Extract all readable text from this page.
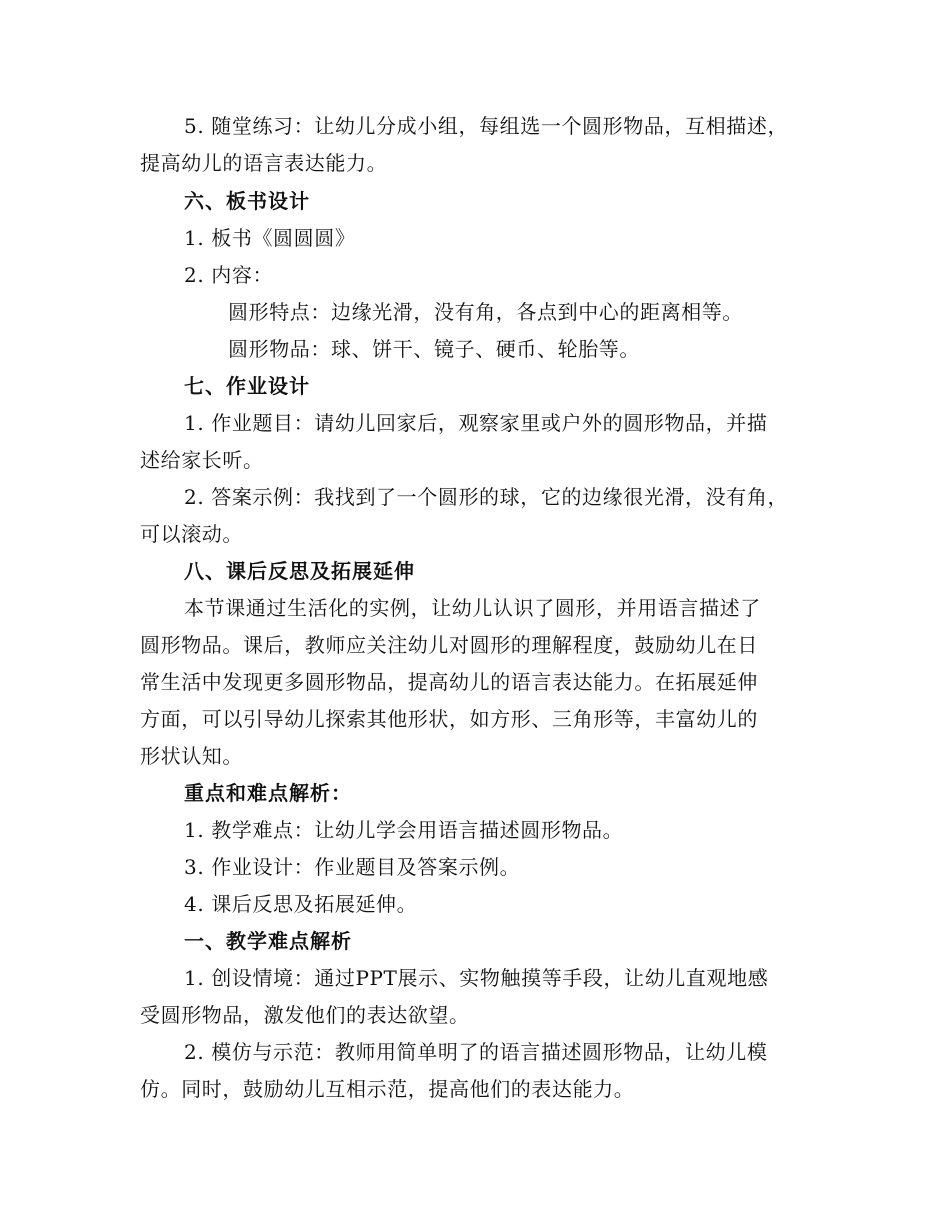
5. 随堂练习：让幼儿分成小组，每组选一个圆形物品，互相描述，
提高幼儿的语言表达能力。
六、板书设计
1. 板书《圆圆圆》
2. 内容：
圆形特点：边缘光滑，没有角，各点到中心的距离相等。
圆形物品：球、饼干、镜子、硬币、轮胎等。
七、作业设计
1. 作业题目：请幼儿回家后，观察家里或户外的圆形物品，并描
述给家长听。
2. 答案示例：我找到了一个圆形的球，它的边缘很光滑，没有角，
可以滚动。
八、课后反思及拓展延伸
本节课通过生活化的实例，让幼儿认识了圆形，并用语言描述了
圆形物品。课后，教师应关注幼儿对圆形的理解程度，鼓励幼儿在日
常生活中发现更多圆形物品，提高幼儿的语言表达能力。在拓展延伸
方面，可以引导幼儿探索其他形状，如方形、三角形等，丰富幼儿的
形状认知。
重点和难点解析：
1. 教学难点：让幼儿学会用语言描述圆形物品。
3. 作业设计：作业题目及答案示例。
4. 课后反思及拓展延伸。
一、教学难点解析
1. 创设情境：通过PPT展示、实物触摸等手段，让幼儿直观地感
受圆形物品，激发他们的表达欲望。
2. 模仿与示范：教师用简单明了的语言描述圆形物品，让幼儿模
仿。同时，鼓励幼儿互相示范，提高他们的表达能力。
